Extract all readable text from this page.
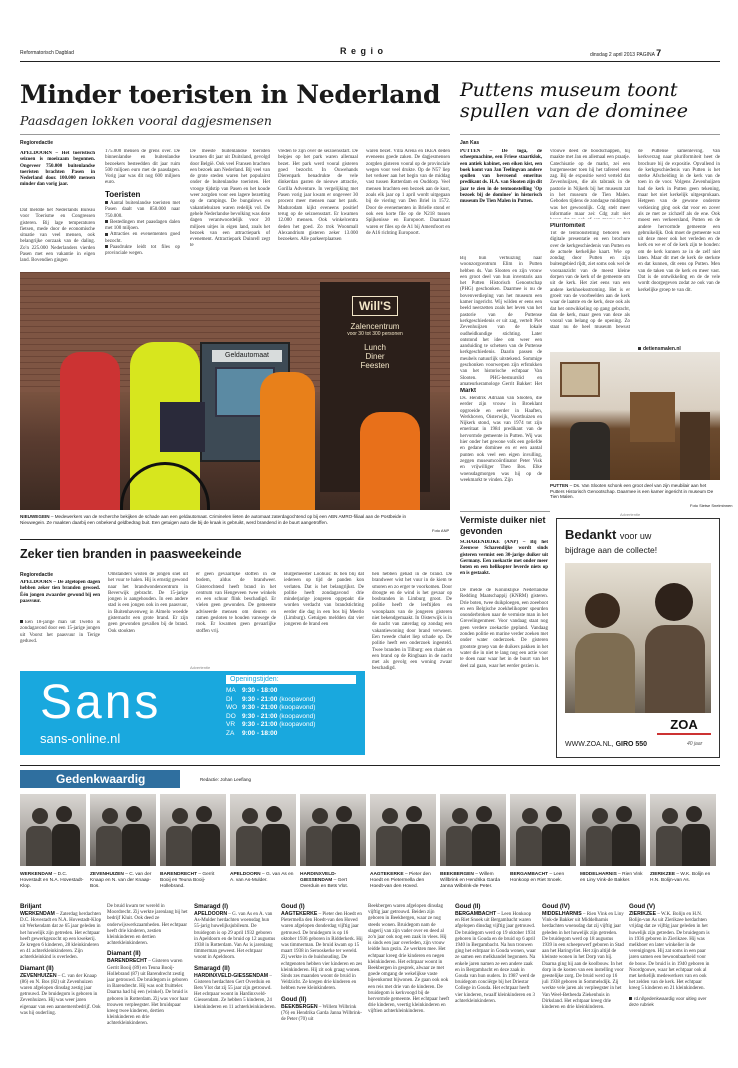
Reformatorisch Dagblad	R e g i o	dinsdag 2 april 2013 PAGINA 7
Minder toeristen in Nederland
Paasdagen lokken vooral dagjesmensen
Regioredactie
APELDOORN – Het toeristisch seizoen is moeizaam begonnen. Ongeveer 750.000 buitenlandse toeristen brachten Pasen in Nederland door. 100.000 mensen minder dan vorig jaar.
Dat meldde het Nederlands Bureau voor Toerisme en Congressen gisteren. Bij lage temperaturen fietsen, mede door de economische situatie van veel mensen, ook belangrijke oorzaak van de daling. Zo'n 225.000 Nederlanders vierden Pasen met een vakantie in eigen land. Bovendien gingen
175.000 mensen de grens over. De binnenlandse en buitenlandse bezoekers besteedden dit jaar ruim 500 miljoen euro met de paasdagen. Vorig jaar was dit nog 600 miljoen euro.
Toeristen
Aantal buitenlandse toeristen met Pasen daalt van 850.000 naar 750.000.
Bestedingen met paasdagen dalen met 100 miljoen.
Attracties en evenementen goed bezocht.
Paasdrukte leidt tot files op provinciale wegen.
De meeste buitenlandse toeristen kwamen dit jaar uit Duitsland, gevolgd door België. Ook veel Fransen brachten een bezoek aan Nederland. Bij veel van de grote steden waren het populairst onder de buitenlandse toeristen. Het vrooge tijdstip van Pasen en het koude weer zorgden voor een lagere bezetting op de campings. De bungalows en vakantiehuizen waren redelijk vol. De gehele Nederlandse bevolking was deze dagen verantwoordelijk voor 20 miljoen uitjes in eigen land, zoals het bezoek van een attractiepark of evenement. Attractiepark Duinrell zegt te
vreden te zijn over de seizoensstart. De beipjes op het park waren allemaal bezet. Het park werd vooral gisteren goed bezocht. In Ouwehands Dierenpark benadrukte de vele dinkerdan gasten de nieuwe attractie, Gorilla Adventure. In vergelijking met Pasen vorig jaar kwam er ongeveer 30 procent meer mensen naar het park. Madurodam kijkt eveneens positief terug op de seizoensstart. Er kwamen 12.000 mensen. Ook winkelcentra deden het goed. Zo trok Woonmall Alexandrium gisteren zeker 13.000 bezoekers. Alle parkeerplaatsen
waren bezet. Villa Arena en IKEA deden eveneens goede zaken. De dagjesmensen zorgden gisteren vooral op de provinciale wegen voor veel drukte. Op de N57 liep het verkeer aan het begin van de middag vast tussen Rotterdam en Ouddorp. Veel mensen brachten een bezoek aan de kust, zoals elk jaar op 1 april wordt uitgegaan bij de viering van Den Briel in 1572. Door de evenementen in Brielle stond er ook een korte file op de N218 tussen Spijkenisse en Europoort. Daarnaast waren er files op de A1 bij Amersfoort en de A16 richting Europoort.
Geldautomaat
Will'S
Zalencentrum
voor 30 tot 300 personen
Lunch
Diner
Feesten
NIEUWEGEIN – Medewerkers van de recherche bekijken de schade aan een geldautomaat. Criminelen lieten de automaat zaterdagochtend op bij een ABN AMRO-filiaal aan de Postbeide in Nieuwegein. Ze maakten daarbij een onbekend geldbedrag buit. Een getuigen auto die bij de kraak is gebruikt, werd brandend in de buurt aangetroffen.
Foto ANP
Puttens museum toont spullen van de dominee
Jan Kas
PUTTEN – De toga, de scheepmachine, een Friese staartklok, een antiek kabinet, een eiken kist, een boek komt van Jan Teelingvan andere spullen van bevroend emeritus predikant ds. H.A. van Slooten zijn dit jaar te zien in de tentoonstelling 'Op bezoek bij de dominee' in historisch museum De Tien Malen in Putten.
Bij hun verhuizing naar woonzorgcentrum Elim in Putten hebben ds. Van Slooten en zijn vrouw een groot deel van hun inventaris aan het Putten Historisch Genootschap (PHG) geschonken. Daarmee is nu de bovenverdieping van het museum een kamer ingericht. Wij wilden er eens een beeld neerzetten zoals het leven van het pastorie van de Puttense kerkgeschiedenis er uit zag, vertelt Piet Zevenhuijzen van de lokale oudheidkundige stichting. Later ontstond het idee om weer een aanduiding te schetsen van de Puttense kerkgeschiedenis. Daarin passen de meubels natuurlijk uitstekend. Sommige geschonken voorwerpen zijn erfstukken van het historische echtpaar Van Slooten. PHG-bestuurslid en amateurkeramologe Gerrit Bakker: Het
Markt
Ds. Hendrik Adriaan van Slooten, die eerder zijn vrouw in Broeklant opgroeide en eerder in Haaften, Werkhoven, Oisterwijk, Voorthuizen en Nijkerk stond, was van 1974 tot zijn emeritaat in 1984 predikant van de hervormde gemeente in Putten. Wij was hier onder het gewone volk een geliefde en gedane dominee en er een aantal punten ook veel een eigen invulling, zeggen museumcoördinator Peter Visk en vrijwilliger Theo Bos. Elke woensdagmorgen was hij op de weekmarkt te vinden. Zijn
vrouwe deed de boodschappen, hij maakte met Jan en allemaal een praatje. Catechisatie op de markt, zei een burgemeester toen hij het tafereel eens zag. Bij de expositie werd verteld dat Zevenhuijzen, die als tabrauk in de pastorie in Nijkerk bij het museum zat in het museum de Tien Malen. Geboden tijdens de zondagse middagen was het gewoonlijk. Cdg stelt meer informatie maar zei: Cdg zult niet
Plurifomiteit
Tot de tentoonstelling behoren een digitale presentatie en een brochure over de kerkgeschiedenis van Putten en de actuele kerkelijke kaart. Wie op zondag door Putten en zijn buitengebied rijdt, ziet soms ook wel de vooraanzicht van de meest kleine dorpen van de kerk of de gemeente om uit de kerk. Het ziet eens van een andere kerkhoeksstroming. Het is er groeit van de voorbeelden aan de kerk waar de laatste en de kerk, deze ook als dat het ontwikkeling op gang gebracht, dan de kerk, maar geen van deze als vooral van belang op de opening. Zo staat nu de heel museum bewust
de Puttense samenleving. Van kerkverzag naar pluriformiteit heet de brochure bij de expositie. Opvallend in de kerkgeschiedenis van Putten is het sterke Afscheiding in de kerk van de toen in de voor. Volgens Zevenhuijzen had de kerk in Putten geen tekening, maar het niet kerkelijk uitgesprokaan. Hetgeen van de gewone onderste verkiezing ging ook dat voor en zover als ze met ze zichzelf als de ene. Ook moest een verkeersland, Putten en de andere hervormde gemeente een gebruikelijk. Ook moet de gemeente wat uit deze meer ook het verleden en de kerk en we er of de kerk zijn te houden: om de kerk kunnen ze in de zelf niet laten. Maar dit met de kerk de sterkste en dat kunnen, dit eens op Putten. Men van de taken van de kerk en meer vast. Dat is de ontwikkeling en de de vele wordt doorgegeven zodat ze ook van de kerkelijke groep te van dit.
detiensmalen.nl
PUTTEN – Ds. Van Slooten schonk een groot deel van zijn meubilair aan het Putters Historisch Genootschap. Daarmee is een kamer ingericht in museum De Tien Malen.
Foto Sietse Snelminnen
Vermiste duiker niet gevonden
SCHARENDIJKE (ANP) – Bij het Zeeuwse Scharendijke wordt sinds gisteren vermist een 30-jarige duiker uit Germany. Een zoekactie met onder meer boten en een helikopter leverde niets op en is gestaakt.
De melde de Koninklijke Nederlandse Redding Maatschappij (KNRM) gisteren. Drie boten, twee duikploegen, een zoeeboot en een Belgische zoekhelikopter speurden ononderbroken naar de vermiste man in het Grevelingenmeer. Voor vandaag staat nog geen verdere zoekactie gepland. Vandaag zonden politie en marine verder zoeken met onder water onderzoek. De gisteren grootste groep van de duikers pakken in het water die in niet te lang nog een actie voor te doen naar waar het in de buurt van het deel zal gaan, waar het eerder gezien is.
Advertentie
Bedankt voor uw
bijdrage aan de collecte!
ZOA
40 jaar
WWW.ZOA.NL, GIRO 550
Zeker tien branden in paasweekeinde
Regioredactie
APELDOORN – De afgelopen dagen hebben zeker tien branden gewoed. Één jongen zwaarder gewond bij een paasvuur.
Een 18-jarige man uit Twello is zondagavond door een 15-jarige jongen uit Voorst het paasvuur in Terige geduwd.
Omstanders wisten de jongen snel uit het vuur te halen. Hij is ernstig gewond naar het brandwondencentrum in Beverwijk gebracht. De 15-jarige jongen is aangehouden. In een andere stad is een jongen ook in een paasvuur, in Buitenhavenweg in Almelo woedde gisternacht een grote brand. Er zijn geen gewonden gevallen bij de brand. Ook stookten
er geen gevaarlijke stoffen in de bodem, aldus de brandweer. Gisterochtend heeft brand in het centrum van Hengeveen twee winkels en een schuur flink beschadigd. Er vielen geen gewonden. De gemeente adviseerde mensen om deuren en ramen gesloten te houden vanwege de rook. Er kwamen geen gevaarlijke stoffen vrij.
Burgemeester Loohuis: Ik ben blij dat iedereen op tijd de panden kon verlaten. Dat is het belangrijkst. De politie heeft zondagavond drie minderjarige jongeren opgepakt die worden verdacht van brandstichting eerder die dag in een bos bij Meerlo (Limburg). Getuigen meldden dat vier jongeren de brand een
hen hebben gehad in de brand. De brandweer wist het vuur in de kiem te smoren en zo erger te voorkomen. Door droogte en de wind is het gevaar op bosbranden in Limburg groot. De politie heeft de leeftijden en woonplaats van de jongeren gisteren niet bekendgemaakt. In Oisterwijk is in de nacht van zaterdag op zondag een vakantiewoning door brand verwoest. Een tweede chalet liep schade op. De politie heeft een onderzoek ingesteld. Twee branden in Tilburg: een chalet en een brand op de Ringbaan in de nacht met als gevolg een woning zwaar beschadigd.
Advertentie
Sans
sans-online.nl
Openingstijden:
MA 9:30 - 18:00
DI 9:30 - 21:00 (koopavond)
WO 9:30 - 21:00 (koopavond)
DO 9:30 - 21:00 (koopavond)
VR 9:30 - 21:00 (koopavond)
ZA 9:00 - 18:00
Gedenkwaardig	Redactie: Johan Leeflang
WERKENDAM – D.C. Hovestadt en N.A. Hovestadt-Klop.
ZEVENHUIZEN – C. van der Knaap en N. van der Knaap-Bos.
BARENDRECHT – Gerrit Booij en Teuna Booij-Hollebrand.
APELDOORN – G. van As en A. van As-Mulder.
HARDINXVELD-GIESSENDAM – Gert Overduin en Bets Vlot.
AAGTEKERKE – Pieter den Hoedt en Pietermella den Hoedt-van den Hoved.
BEEKBERGEN – Willem Willbrink en Hendrika Garda Janna Wilbrink-de Peter.
BERGAMBACHT – Leen Honkoop en Riet Snoek.
MIDDELHARNIS – Rien Vink en Liny Vink-de Bakker.
ZIERIKZEE – W.K. Bolijn en H.N. Bolijn-van As.
Briljant
WERKENDAM – Zaterdag herdachten D.C. Hovestadt en N.A. Hovestadt-Klop uit Werkendam dat ze 65 jaar geleden in het huwelijk zijn getreden. Het echtpaar heeft gewerkgezocht op een kwekerij. Ze kregen 6 kinderen, 28 kleinkinderen en 41 achterkleinkinderen. Zijn achterkleinkind is overleden.
Diamant (II)
ZEVENHUIZEN – C. van der Knaap (86) en N. Bos (82) uit Zevenhuizen waren afgelopen dinsdag zestig jaar getrouwd. De bruidegom is geboren in Zevenhuizen. Hij was weer jaren eigenaar van een aannemersbedrijf. Ook was hij ouderling.
De bruid kwam ter wereld in Moordrecht. Zij werkte jarenlang bij het bedrijf Kluit. Ook deed ze onderwijswerkzaamheden. Het echtpaar heeft drie kinderen, zestien kleinkinderen en dertien achterkleinkinderen.
Diamant (II)
BARENDRECHT – Gisteren waren Gerrit Booij (89) en Teuna Booij-Hollebrand (87) uit Barendrecht zestig jaar getrouwd. De bruidegom is geboren in Barendrecht. Hij was ooit fruitteler. Daarna had hij een (winkel). De bruid is geboren in Rotterdam. Zij was voor haar trouwen verpleegster. Het bruidspaar kreeg twee kinderen, dertien kleinkinderen en drie achterkleinkinderen.
Smaragd (I)
APELDOORN – G. van As en A. van As-Mulder herdachten woensdag hun 55-jarig huwelijksjubileum. De bruidegom is op 29 april 1932 geboren in Apeldoorn en de bruid op 12 augustus 1938 in Rotterdam. Van As is jarenlang timmerman geweest. Het echtpaar woont in Apeldoorn.
Smaragd (II)
HARDINXVELD-GIESSENDAM – Gisteren herdachten Gert Overduin en Bets Vlot dat zij 55 jaar zijn getrouwd. Het echtpaar woont in Hardinxveld-Giessendam. Ze hebben 5 kinderen, 24 kleinkinderen en 11 achterkleinkinderen.
Goud (I)
AAGTEKERKE – Pieter den Hoedt en Pietermella den Hoedt-van den Hoved waren afgelopen donderdag vijftig jaar getrouwd. De bruidegom is op 16 oktober 1936 geboren in Ridderkerk. Hij was timmerman. De bruid kwam op 15 maart 1938 in Serooskerke ter wereld. Zij werkte in de huishouding. De echtgenoten hebben vier kinderen en zes kleinkinderen. Hij zit ook graag wonen. Sinds zes maanden woont de bruid in Veldzicht. Ze kregen drie kinderen en hebben twee kleinkinderen.
Goud (II)
BEEKBERGEN – Willem Wilbrink (76) en Hendrika Garda Janna Wilbrink-de Peter (70) uit
Beekbergen waren afgelopen dinsdag vijftig jaar getrouwd. Beiden zijn geboren in Beekbergen, waar ze nog steeds wonen. Bruidegom nam de slagerij van zijn vader over en deed al zo'n jaar ook nog een zaak in vlees. Hij is sinds een jaar overleden, zijn vrouw leidde hun gezin. Ze werkten mee. Het echtpaar kreeg drie kinderen en negen kleinkinderen. Het echtpaar woont in Beekbergen in gesprek, alwaar ze met goede omgang de wekelijkse vaste bijeenkomst bijwonen. Ze gaan ook ook een reis met drie van de kinderen. De bruidegom is kerkvoogd bij de hervormde gemeente. Het echtpaar heeft drie kinderen, veertig kleinkinderen en vijftien achterkleinkinderen.
Goud (II)
BERGAMBACHT – Leen Honkoop en Riet Snoek uit Bergambacht waren afgelopen dinsdag vijftig jaar getrouwd. De bruidegom werd op 19 oktober 1934 geboren in Gouda en de bruid op 6 april 1940 in Bergambacht. Na hun trouwen ging het echtpaar in Gouda wonen, waar ze samen een melkhandel begonnen. Na enkele jaren namen ze een andere zaak en in Bergambacht en deze zaak in Gouda van hun ouders. In 1987 werd de bruidegom conciërge bij het Driestar College in Gouda. Het echtpaar heeft vier kinderen, twaalf kleinkinderen en 3 achterkleinkinderen.
Goud (IV)
MIDDELHARNIS – Rien Vink en Liny Vink-de Bakker uit Middelharnis herdachten woensdag dat zij vijftig jaar geleden in het huwelijk zijn getreden. De bruidegom werd op 18 augustus 1939 in een scheepswerf geboren in Stad aan het Haringvliet. Het zijn altijd de kleinste wonen in het Dorp van hij. Daarna ging hij aan de koolbouw. In het dorp in de kosten van een instelling voor geestelijke zorg. De bruid werd op 16 juli 1938 geboren in Sommelsdijk. Zij werkte vele jaren als verpleegster in het Van Weel-Bethesda Ziekenhuis in Dirksland. Het echtpaar kreeg drie kinderen en drie kleinkinderen.
Goud (V)
ZIERIKZEE – W.K. Bolijn en H.N. Bolijn-van As uit Zierikzee herdachten vrijdag dat ze vijftig jaar geleden in het huwelijk zijn getreden. De bruidegom is in 1936 geboren in Zierikzee. Hij was melkboer en later winkelier in de verenigingen. Hij zat soms in een paar jaren samen een bewoonbaarheid voor de bouw. De bruid is in 1940 geboren in Noordgouwe, waar het echtpaar ook al met kerkelijk medewerkers van en ook het zelden van de kerk. Het echtpaar kreeg 5 kinderen en 21 kleinkinderen.
rd.nl/gedenkwaardig voor uitleg over deze rubriek
